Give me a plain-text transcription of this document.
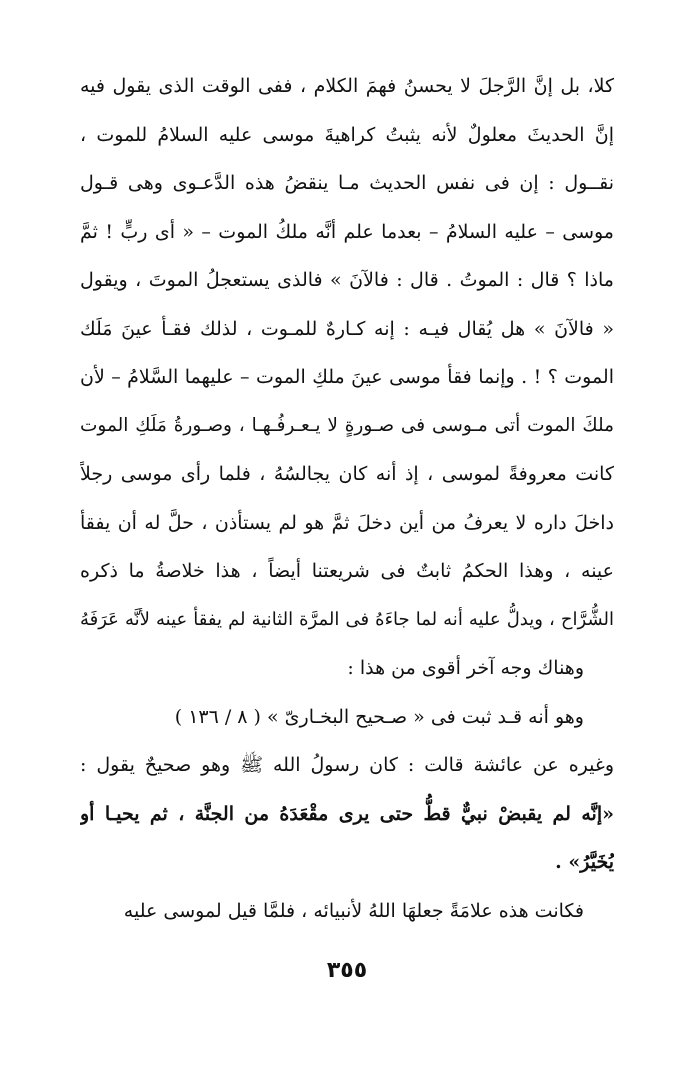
كلا، بل إنَّ الرَّجلَ لا يحسنُ فهمَ الكلام ، ففى الوقت الذى يقول فيه
إنَّ الحديثَ معلولٌ لأنه يثبتُ كراهيةَ موسى عليه السلامُ للموت ،
نقــول : إن فى نفس الحديث مـا ينقضُ هذه الدَّعـوى وهى قـول
موسى – عليه السلامُ – بعدما علم أنَّه ملكُ الموت – « أى ربٍّ ! ثمَّ
ماذا ؟ قال : الموتُ . قال : فالآنَ » فالذى يستعجلُ الموتَ ، ويقول
« فالآنَ » هل يُقال فيـه : إنه كـارهٌ للمـوت ، لذلك فقـأ عينَ مَلَك
الموت ؟ ! . وإنما فقأ موسى عينَ ملكِ الموت – عليهما السَّلامُ – لأن
ملكَ الموت أتى مـوسى فى صـورةٍ لا يـعـرفُـهـا ، وصـورةُ مَلَكِ الموت
كانت معروفةً لموسى ، إذ أنه كان يجالسُهُ ، فلما رأى موسى رجلاً
داخلَ داره لا يعرفُ من أين دخلَ ثمَّ هو لم يستأذن ، حلَّ له أن يفقأ
عينه ، وهذا الحكمُ ثابتٌ فى شريعتنا أيضاً ، هذا خلاصةُ ما ذكره
الشُّرَّاح ، ويدلُّ عليه أنه لما جاءَهُ فى المرَّة الثانية لم يفقأ عينه لأنَّه عَرَفَهُ
وهناك وجه آخر أقوى من هذا :
وهو أنه قـد ثبت فى « صـحيح البخـارىّ » ( ٨ / ١٣٦ )
وغيره عن عائشة قالت : كان رسولُ الله ﷺ وهو صحيحٌ يقول :
«إنَّه لم يقبضْ نبيٌّ قطُّ حتى يرى مقْعَدَهُ من الجنَّة ، ثم يحيـا أو
يُخَيَّرُ» .
فكانت هذه علامَةً جعلهَا اللهُ لأنبيائه ، فلمَّا قيل لموسى عليه
٣٥٥
